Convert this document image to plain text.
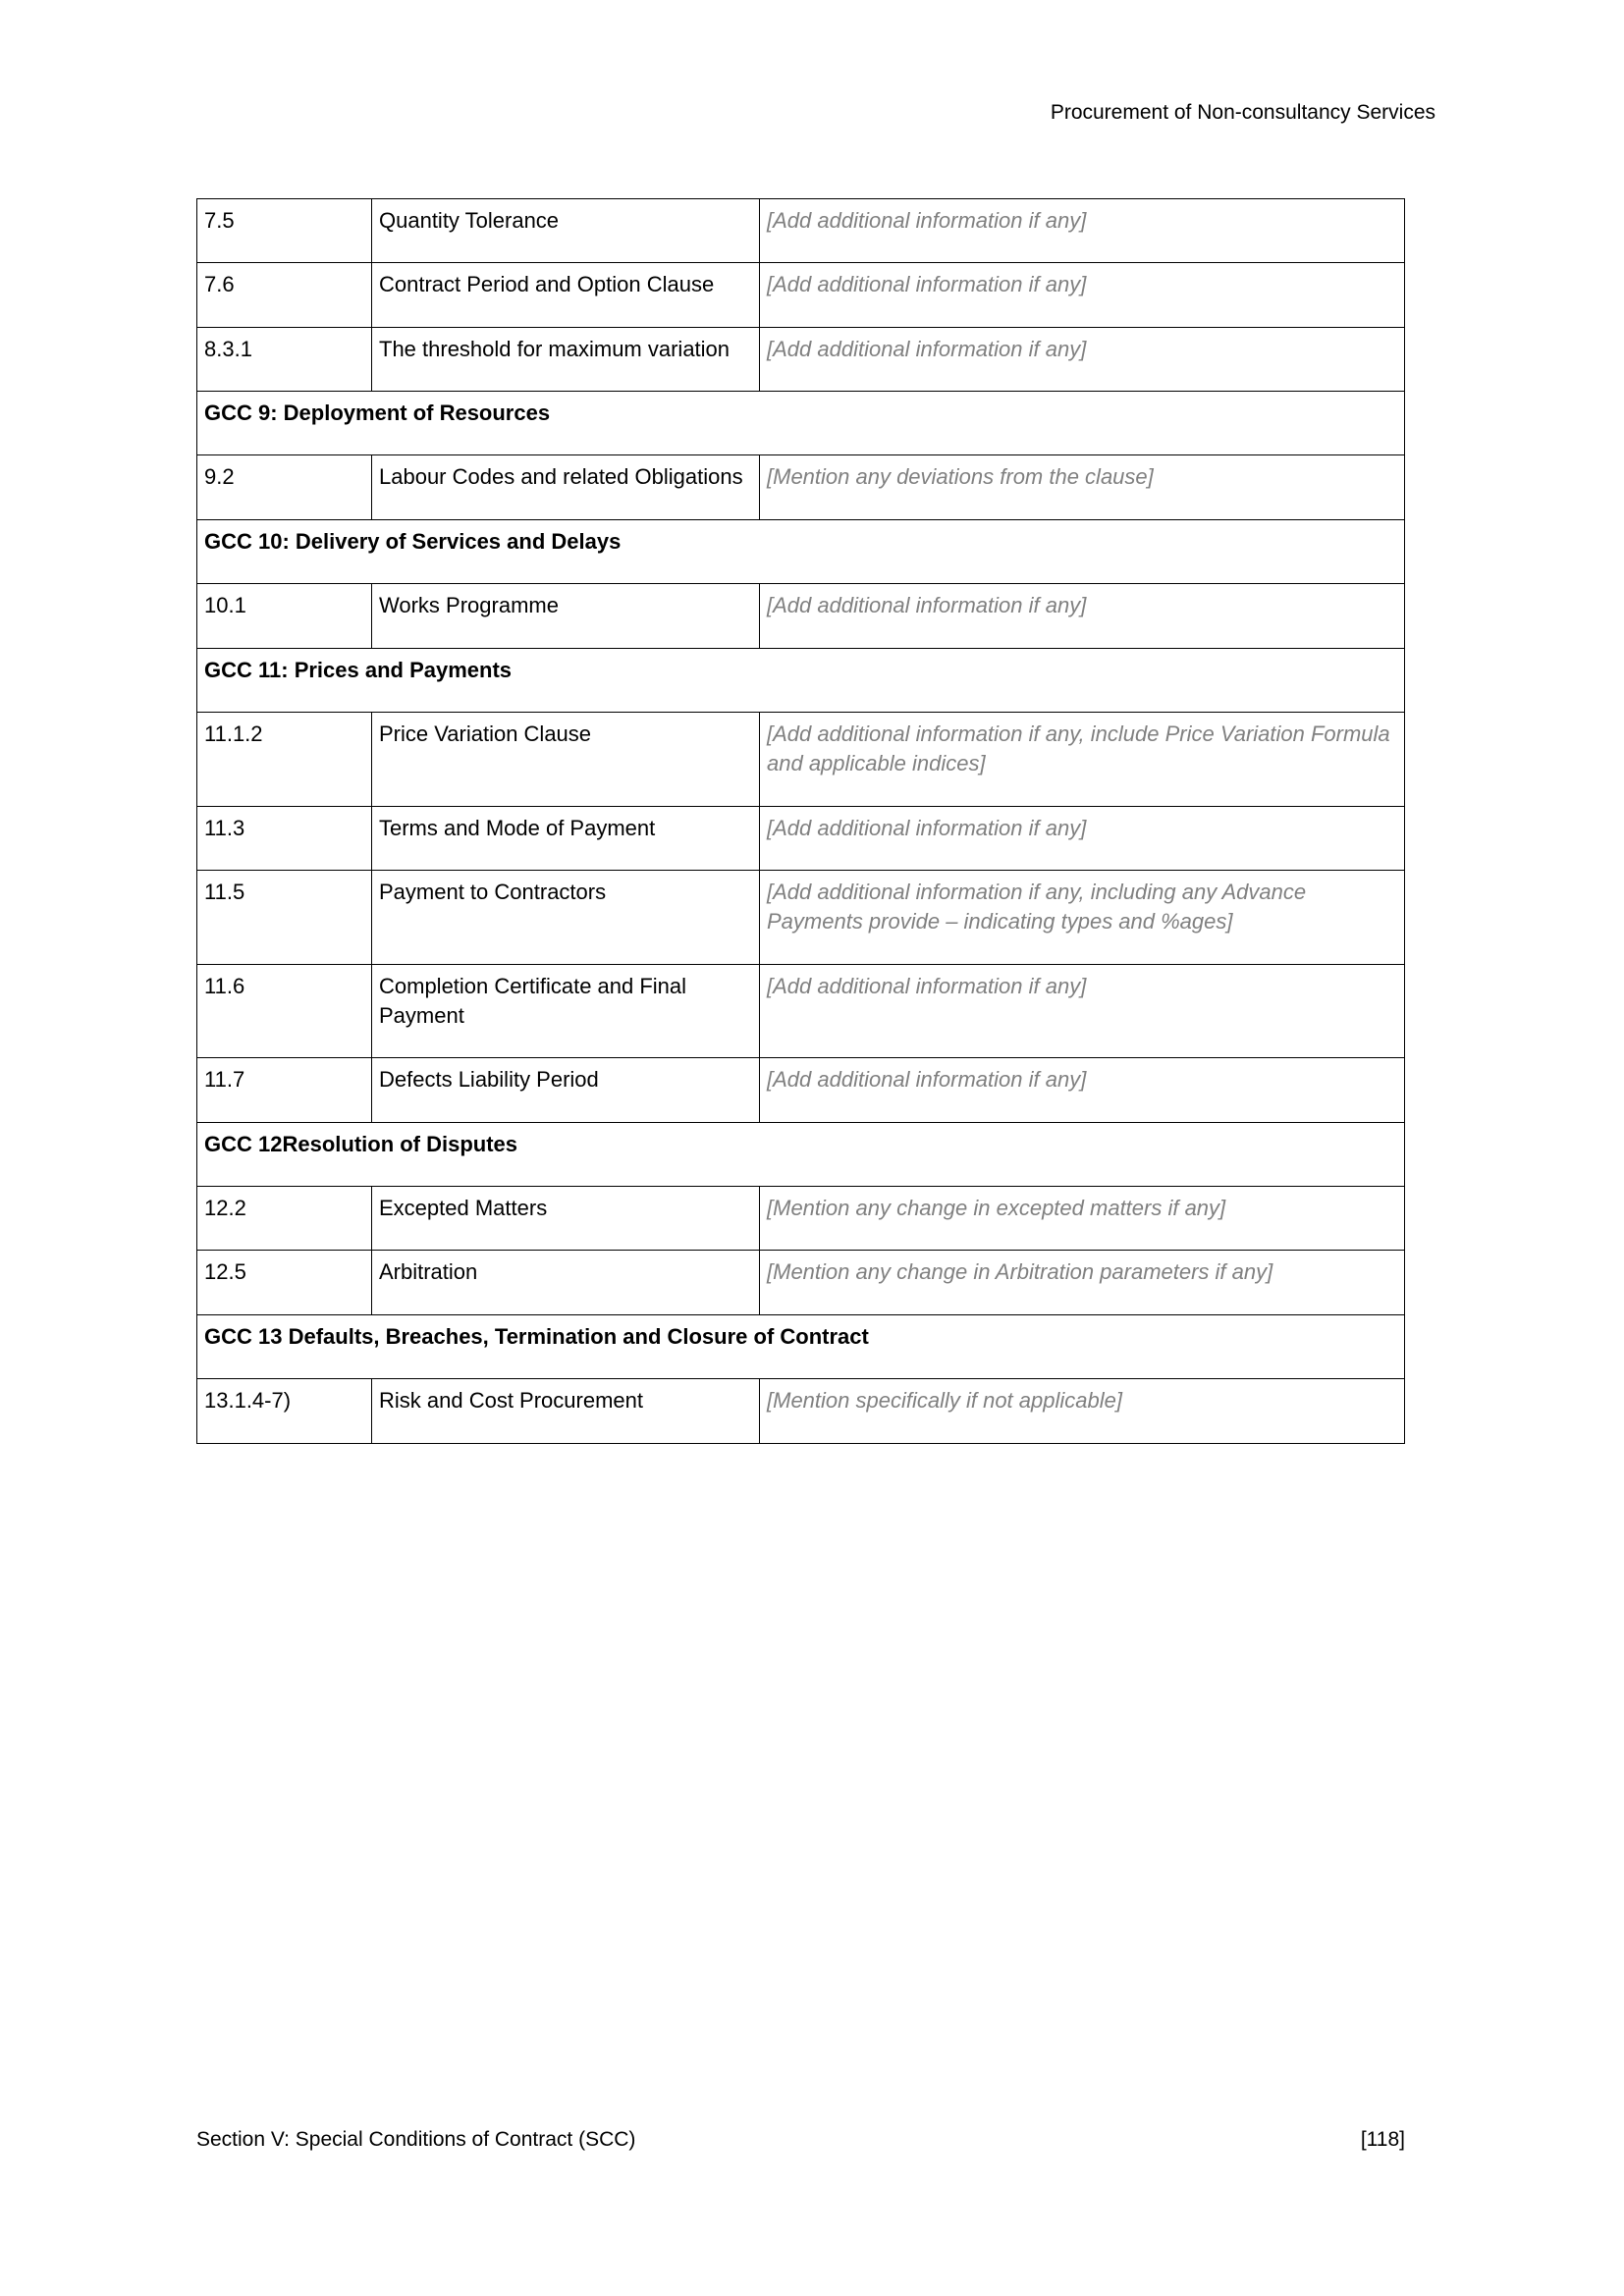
Procurement of Non-consultancy Services
7.5	Quantity Tolerance	[Add additional information if any]
7.6	Contract Period and Option Clause	[Add additional information if any]
8.3.1	The threshold for maximum variation	[Add additional information if any]
GCC 9: Deployment of Resources		
9.2	Labour Codes and related Obligations	[Mention any deviations from the clause]
GCC 10: Delivery of Services and Delays		
10.1	Works Programme	[Add additional information if any]
GCC 11: Prices and Payments		
11.1.2	Price Variation Clause	[Add additional information if any, include Price Variation Formula and applicable indices]
11.3	Terms and Mode of Payment	[Add additional information if any]
11.5	Payment to Contractors	[Add additional information if any, including any Advance Payments provide – indicating types and %ages]
11.6	Completion Certificate and Final Payment	[Add additional information if any]
11.7	Defects Liability Period	[Add additional information if any]
GCC 12Resolution of Disputes		
12.2	Excepted Matters	[Mention any change in excepted matters if any]
12.5	Arbitration	[Mention any change in Arbitration parameters if any]
GCC 13 Defaults, Breaches, Termination and Closure of Contract		
13.1.4-7)	Risk and Cost Procurement	[Mention specifically if not applicable]
Section V: Special Conditions of Contract (SCC)	[118]
